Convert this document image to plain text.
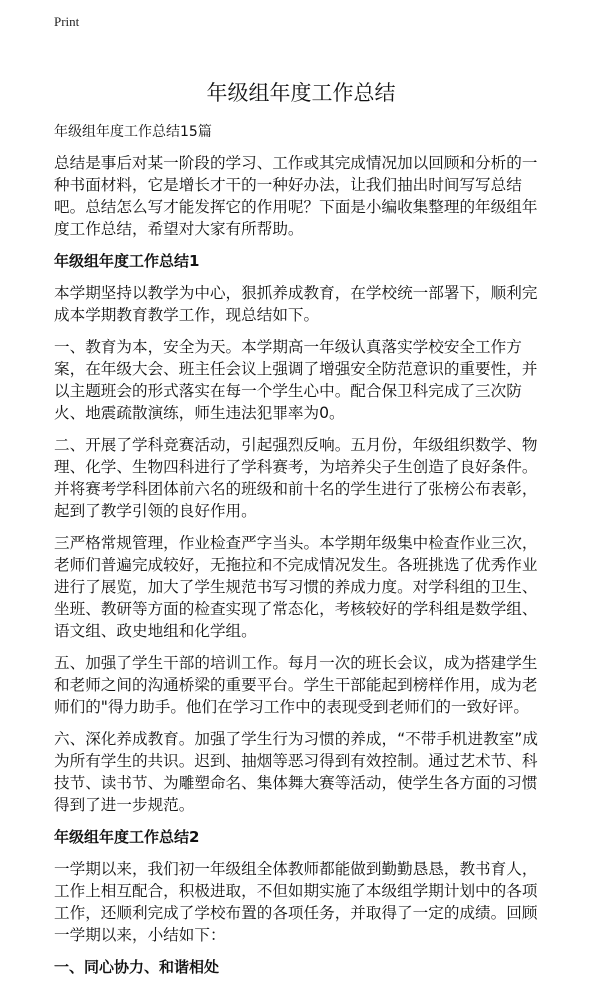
Print
年级组年度工作总结
年级组年度工作总结15篇

总结是事后对某一阶段的学习、工作或其完成情况加以回顾和分析的一种书面材料，它是增长才干的一种好办法，让我们抽出时间写写总结吧。总结怎么写才能发挥它的作用呢？下面是小编收集整理的年级组年度工作总结，希望对大家有所帮助。

年级组年度工作总结1

本学期坚持以教学为中心，狠抓养成教育，在学校统一部署下，顺利完成本学期教育教学工作，现总结如下。

一、教育为本，安全为天。本学期高一年级认真落实学校安全工作方案，在年级大会、班主任会议上强调了增强安全防范意识的重要性，并以主题班会的形式落实在每一个学生心中。配合保卫科完成了三次防火、地震疏散演练，师生违法犯罪率为0。

二、开展了学科竞赛活动，引起强烈反响。五月份，年级组织数学、物理、化学、生物四科进行了学科赛考，为培养尖子生创造了良好条件。并将赛考学科团体前六名的班级和前十名的学生进行了张榜公布表彰，起到了教学引领的良好作用。

三严格常规管理，作业检查严字当头。本学期年级集中检查作业三次，老师们普遍完成较好，无拖拉和不完成情况发生。各班挑选了优秀作业进行了展览，加大了学生规范书写习惯的养成力度。对学科组的卫生、坐班、教研等方面的检查实现了常态化，考核较好的学科组是数学组、语文组、政史地组和化学组。

五、加强了学生干部的培训工作。每月一次的班长会议，成为搭建学生和老师之间的沟通桥梁的重要平台。学生干部能起到榜样作用，成为老师们的"得力助手。他们在学习工作中的表现受到老师们的一致好评。

六、深化养成教育。加强了学生行为习惯的养成，“不带手机进教室”成为所有学生的共识。迟到、抽烟等恶习得到有效控制。通过艺术节、科技节、读书节、为雕塑命名、集体舞大赛等活动，使学生各方面的习惯得到了进一步规范。

年级组年度工作总结2

一学期以来，我们初一年级组全体教师都能做到勤勤恳恳，教书育人，工作上相互配合，积极进取，不但如期实施了本级组学期计划中的各项工作，还顺利完成了学校布置的各项任务，并取得了一定的成绩。回顾一学期以来，小结如下：

一、同心协力、和谐相处
